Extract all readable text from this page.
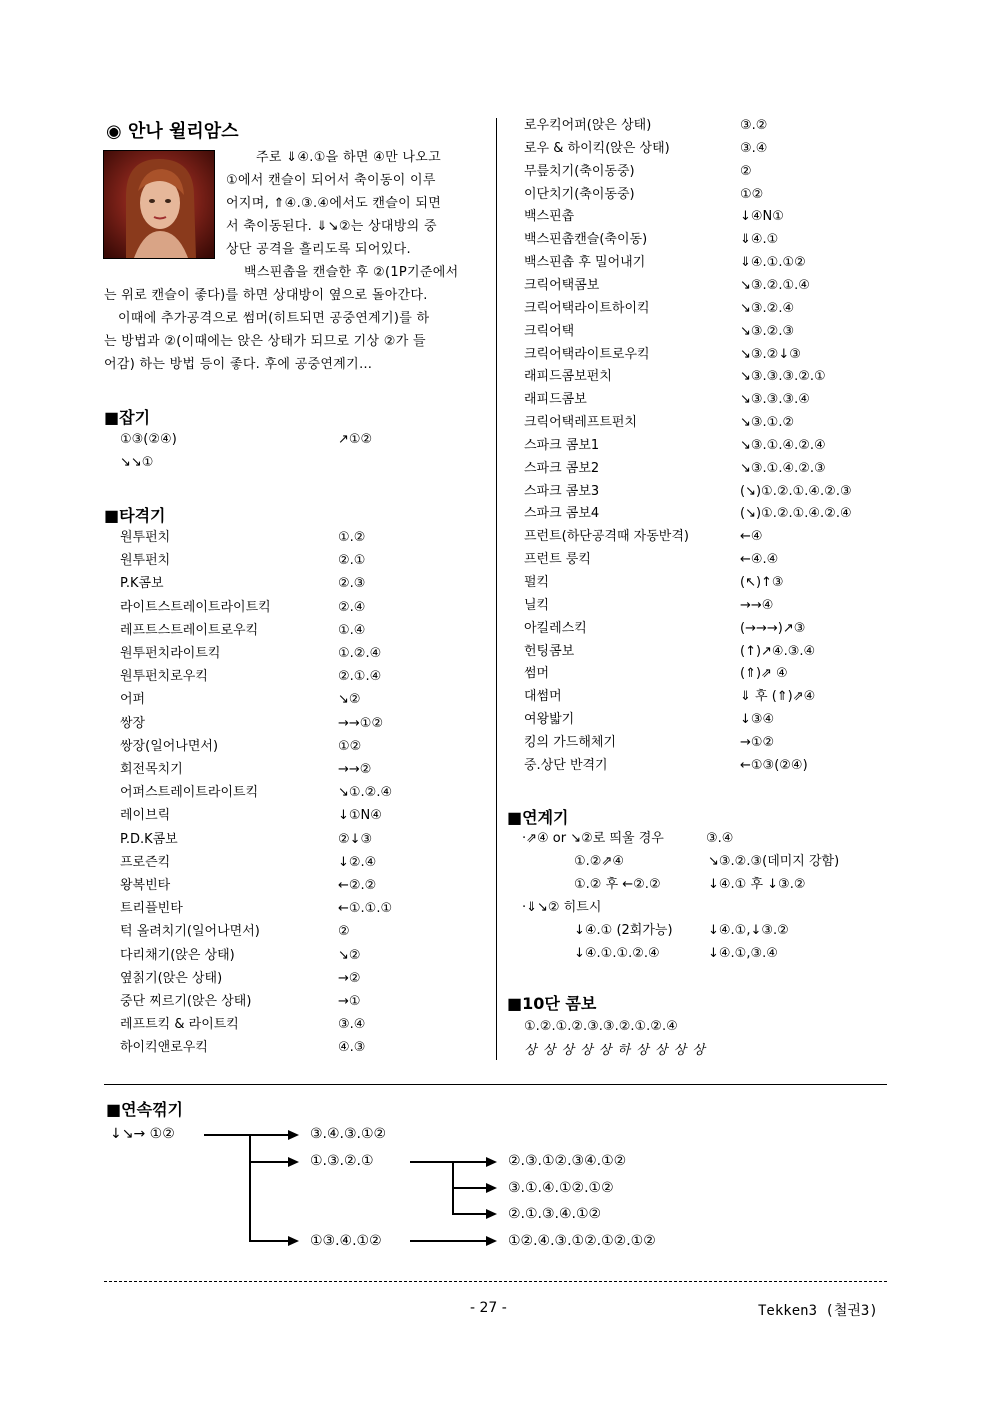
◉ 안나 윌리암스
주로 ⇓④.①을 하면 ④만 나오고
①에서 캔슬이 되어서 축이동이 이루
어지며, ⇑④.③.④에서도 캔슬이 되면
서 축이동된다. ⇓↘②는 상대방의 중
상단 공격을 흘리도록 되어있다.
백스핀촙을 캔슬한 후 ②(1P기준에서
는 위로 캔슬이 좋다)를 하면 상대방이 옆으로 돌아간다.
이때에 추가공격으로 썸머(히트되면 공중연계기)를 하
는 방법과 ②(이때에는 앉은 상태가 되므로 기상 ②가 들
어감) 하는 방법 등이 좋다. 후에 공중연계기…
■잡기
①③(②④)	↗①②
↘↘①
■타격기
원투펀치	①.②
원투펀치	②.①
P.K콤보	②.③
라이트스트레이트라이트킥	②.④
레프트스트레이트로우킥	①.④
원투펀치라이트킥	①.②.④
원투펀치로우킥	②.①.④
어퍼	↘②
쌍장	→→①②
쌍장(일어나면서)	①②
회전목치기	→→②
어퍼스트레이트라이트킥	↘①.②.④
레이브릭	↓①N④
P.D.K콤보	②↓③
프로즌킥	↓②.④
왕복빈타	←②.②
트리플빈타	←①.①.①
턱 올려치기(일어나면서)	②
다리채기(앉은 상태)	↘②
옆칡기(앉은 상태)	→②
중단 찌르기(앉은 상태)	→①
레프트킥 & 라이트킥	③.④
하이킥앤로우킥	④.③
로우킥어퍼(앉은 상태)	③.②
로우 & 하이킥(앉은 상태)	③.④
무릎치기(축이동중)	②
이단치기(축이동중)	①②
백스핀촙	↓④N①
백스핀촙캔슬(축이동)	⇓④.①
백스핀촙 후 밀어내기	⇓④.①.①②
크릭어택콤보	↘③.②.①.④
크릭어택라이트하이킥	↘③.②.④
크릭어택	↘③.②.③
크릭어택라이트로우킥	↘③.②↓③
래피드콤보펀치	↘③.③.③.②.①
래피드콤보	↘③.③.③.④
크릭어택레프트펀치	↘③.①.②
스파크 콤보1	↘③.①.④.②.④
스파크 콤보2	↘③.①.④.②.③
스파크 콤보3	(↘)①.②.①.④.②.③
스파크 콤보4	(↘)①.②.①.④.②.④
프런트(하단공격때 자동반격)	←④
프런트 룽킥	←④.④
펄킥	(↖)↑③
닐킥	→→④
아킬레스킥	(→→→)↗③
헌팅콤보	(↑)↗④.③.④
썸머	(⇑)⇗ ④
대썸머	⇓ 후 (⇑)⇗④
여왕밟기	↓③④
킹의 가드해체기	→①②
중.상단 반격기	←①③(②④)
■연계기
·⇗④ or ↘②로 띄울 경우	③.④
①.②⇗④	↘③.②.③(데미지 강함)
①.② 후 ←②.②	↓④.① 후 ↓③.②
·⇓↘② 히트시
↓④.① (2회가능)	↓④.①,↓③.②
↓④.①.①.②.④	↓④.①,③.④
■10단 콤보
①.②.①.②.③.③.②.①.②.④
상 상 상 상 상 하 상 상 상 상
■연속꺾기
↓↘→ ①②	③.④.③.①②
①.③.②.①
①③.④.①②
②.③.①②.③④.①②
③.①.④.①②.①②
②.①.③.④.①②
①②.④.③.①②.①②.①②
- 27 -	Tekken3 (철권3)
